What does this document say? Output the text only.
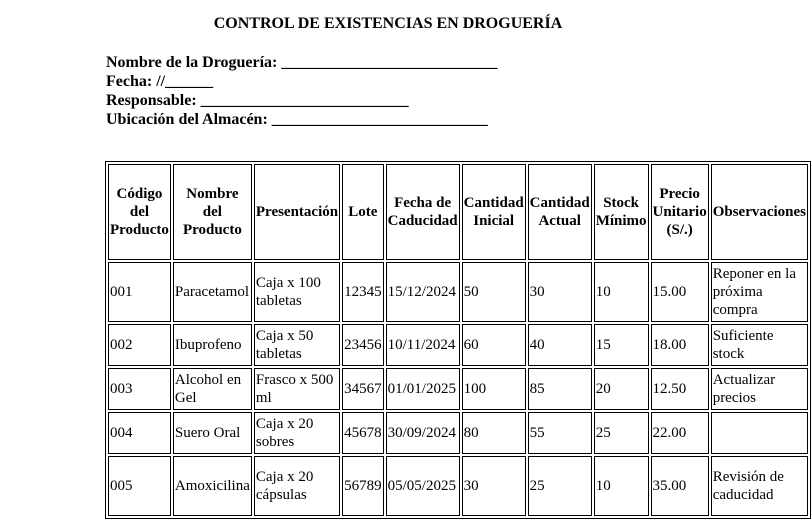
CONTROL DE EXISTENCIAS EN DROGUERÍA
Nombre de la Droguería: ___________________________
Fecha: //______
Responsable: __________________________
Ubicación del Almacén: ___________________________
Código del Producto	Nombre del Producto	Presentación	Lote	Fecha de Caducidad	Cantidad Inicial	Cantidad Actual	Stock Mínimo	Precio Unitario (S/.)	Observaciones
001	Paracetamol	Caja x 100 tabletas	12345	15/12/2024	50	30	10	15.00	Reponer en la próxima compra
002	Ibuprofeno	Caja x 50 tabletas	23456	10/11/2024	60	40	15	18.00	Suficiente stock
003	Alcohol en Gel	Frasco x 500 ml	34567	01/01/2025	100	85	20	12.50	Actualizar precios
004	Suero Oral	Caja x 20 sobres	45678	30/09/2024	80	55	25	22.00	
005	Amoxicilina	Caja x 20 cápsulas	56789	05/05/2025	30	25	10	35.00	Revisión de caducidad
